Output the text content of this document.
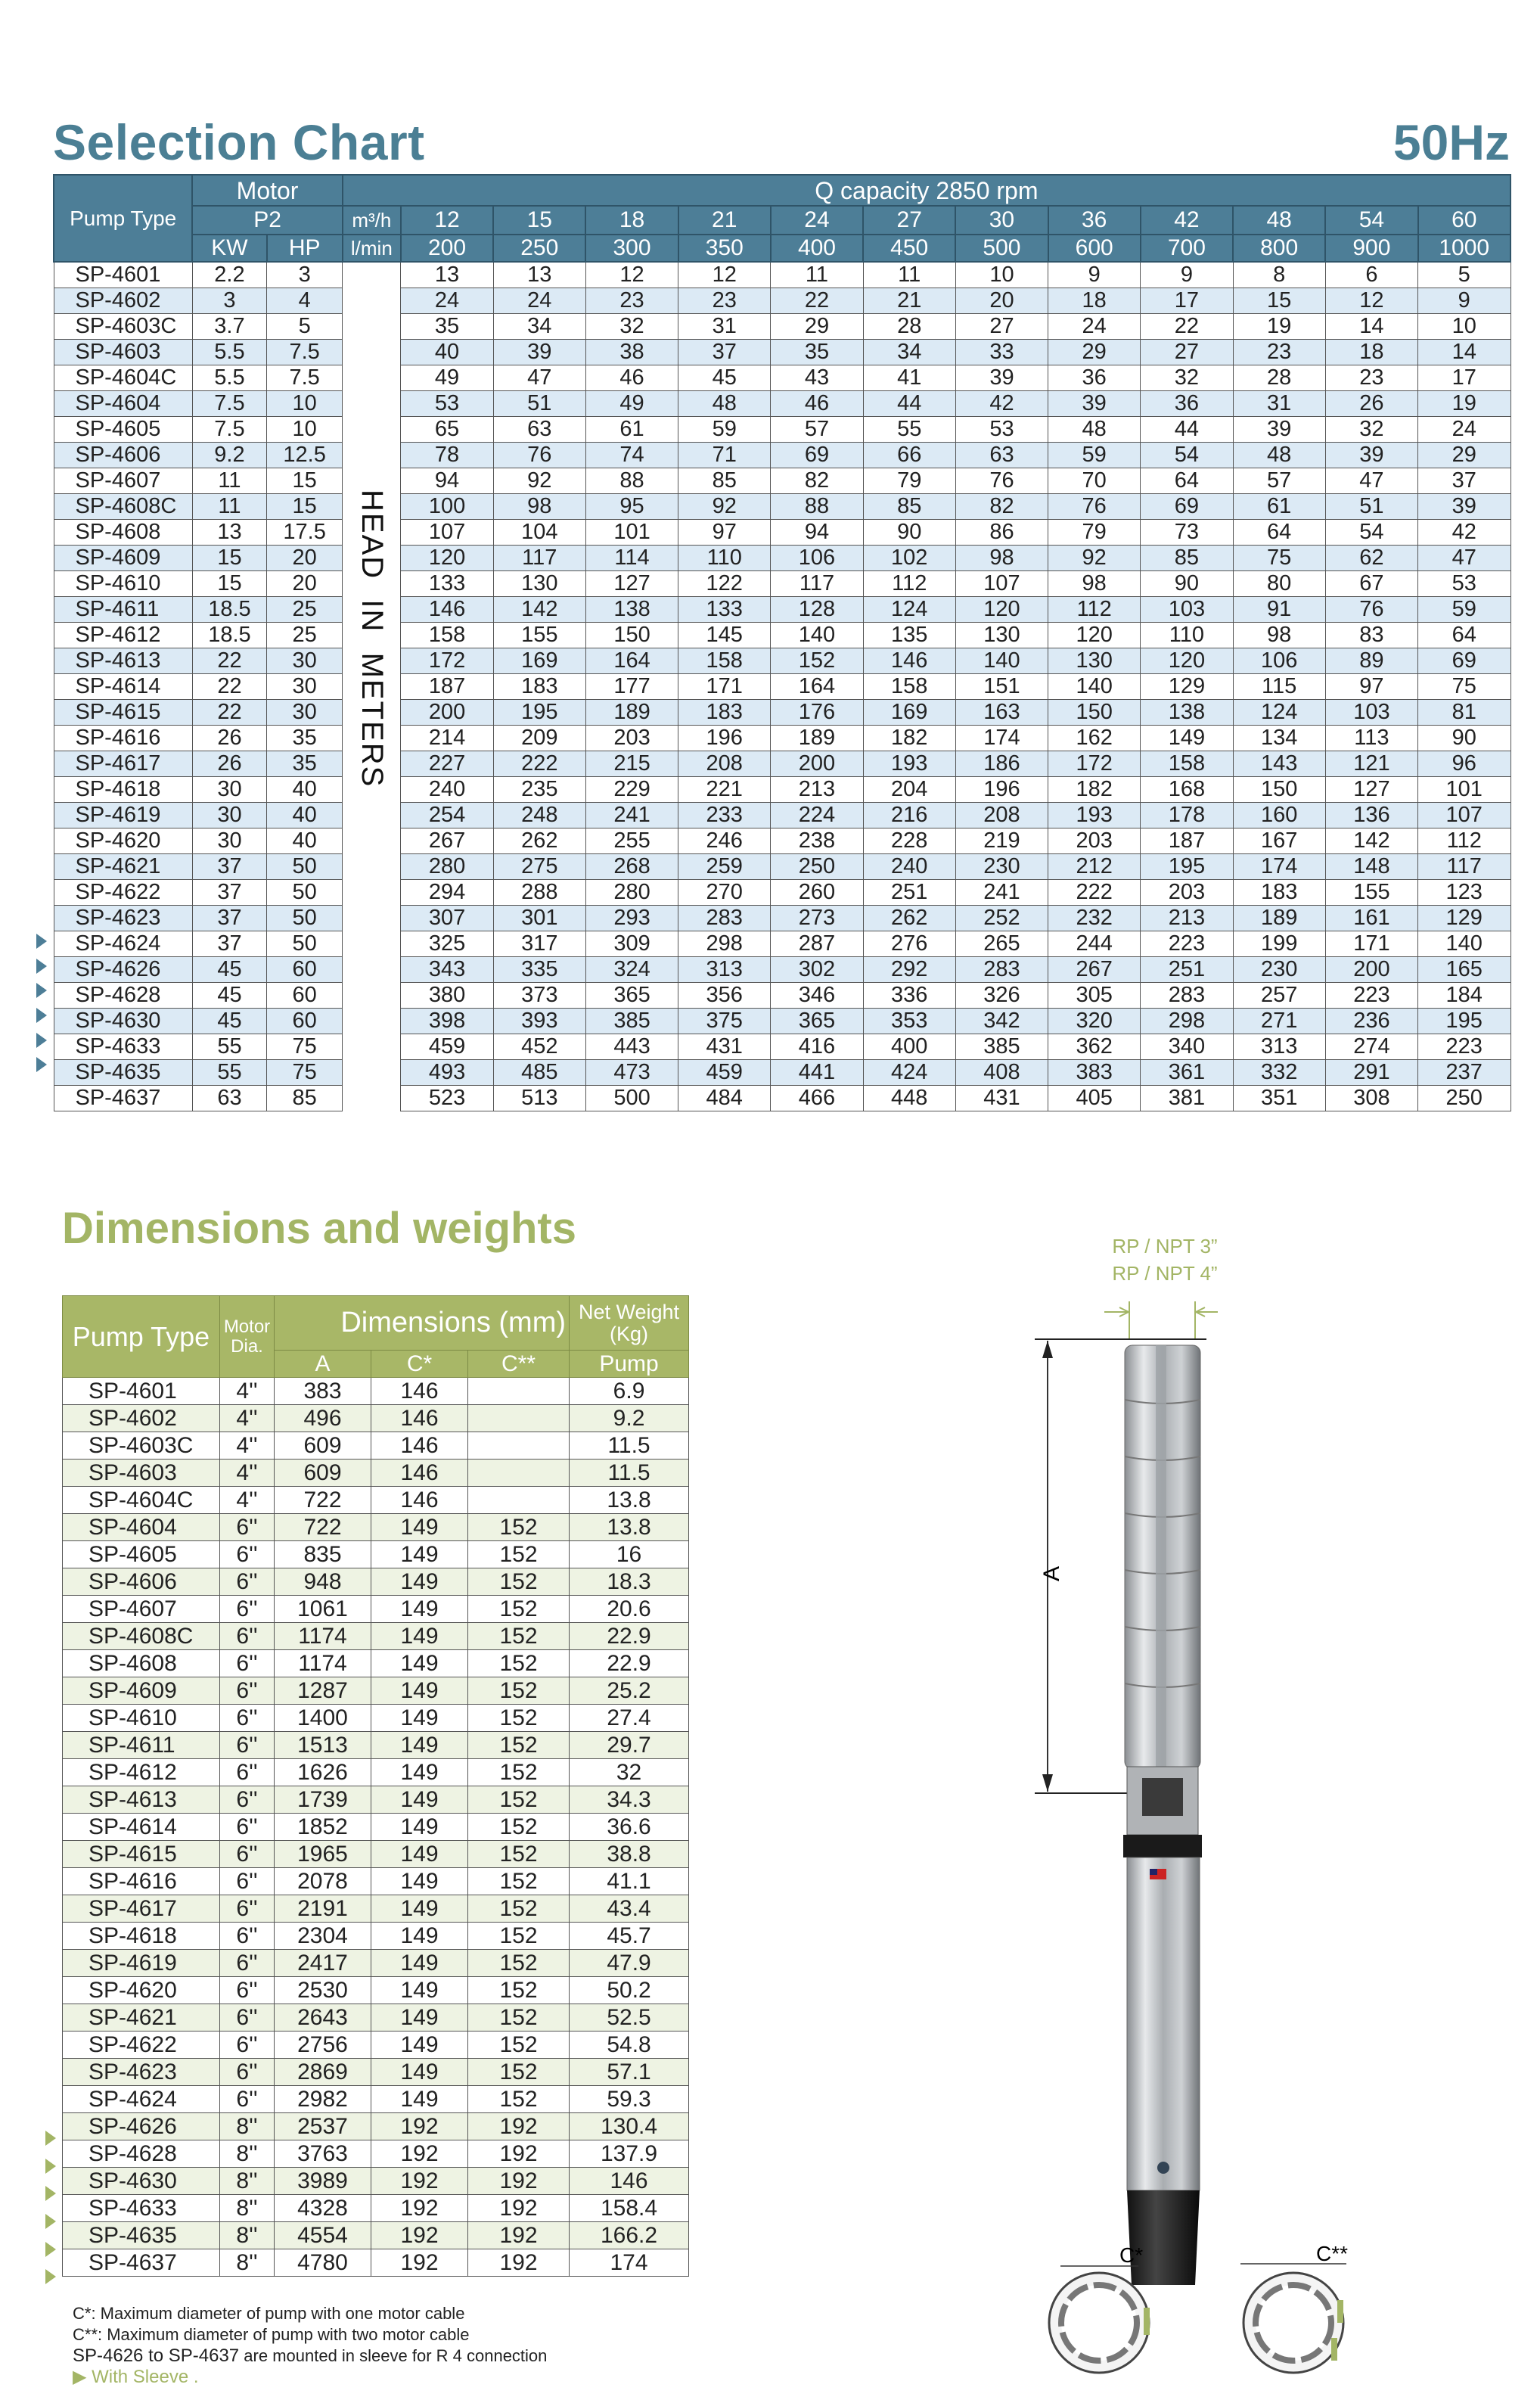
Selection Chart	50Hz
Pump Type	Motor		Q capacity 2850 rpm												
	P2		m³/h	12	15	18	21	24	27	30	36	42	48	54	60
	KW	HP	l/min	200	250	300	350	400	450	500	600	700	800	900	1000
SP-4601	2.2	3	HEAD  IN  METERS	13	13	12	12	11	11	10	9	9	8	6	5
SP-4602	3	4		24	24	23	23	22	21	20	18	17	15	12	9
SP-4603C	3.7	5		35	34	32	31	29	28	27	24	22	19	14	10
SP-4603	5.5	7.5		40	39	38	37	35	34	33	29	27	23	18	14
SP-4604C	5.5	7.5		49	47	46	45	43	41	39	36	32	28	23	17
SP-4604	7.5	10		53	51	49	48	46	44	42	39	36	31	26	19
SP-4605	7.5	10		65	63	61	59	57	55	53	48	44	39	32	24
SP-4606	9.2	12.5		78	76	74	71	69	66	63	59	54	48	39	29
SP-4607	11	15		94	92	88	85	82	79	76	70	64	57	47	37
SP-4608C	11	15		100	98	95	92	88	85	82	76	69	61	51	39
SP-4608	13	17.5		107	104	101	97	94	90	86	79	73	64	54	42
SP-4609	15	20		120	117	114	110	106	102	98	92	85	75	62	47
SP-4610	15	20		133	130	127	122	117	112	107	98	90	80	67	53
SP-4611	18.5	25		146	142	138	133	128	124	120	112	103	91	76	59
SP-4612	18.5	25		158	155	150	145	140	135	130	120	110	98	83	64
SP-4613	22	30		172	169	164	158	152	146	140	130	120	106	89	69
SP-4614	22	30		187	183	177	171	164	158	151	140	129	115	97	75
SP-4615	22	30		200	195	189	183	176	169	163	150	138	124	103	81
SP-4616	26	35		214	209	203	196	189	182	174	162	149	134	113	90
SP-4617	26	35		227	222	215	208	200	193	186	172	158	143	121	96
SP-4618	30	40		240	235	229	221	213	204	196	182	168	150	127	101
SP-4619	30	40		254	248	241	233	224	216	208	193	178	160	136	107
SP-4620	30	40		267	262	255	246	238	228	219	203	187	167	142	112
SP-4621	37	50		280	275	268	259	250	240	230	212	195	174	148	117
SP-4622	37	50		294	288	280	270	260	251	241	222	203	183	155	123
SP-4623	37	50		307	301	293	283	273	262	252	232	213	189	161	129
SP-4624	37	50		325	317	309	298	287	276	265	244	223	199	171	140
SP-4626	45	60		343	335	324	313	302	292	283	267	251	230	200	165
SP-4628	45	60		380	373	365	356	346	336	326	305	283	257	223	184
SP-4630	45	60		398	393	385	375	365	353	342	320	298	271	236	195
SP-4633	55	75		459	452	443	431	416	400	385	362	340	313	274	223
SP-4635	55	75		493	485	473	459	441	424	408	383	361	332	291	237
SP-4637	63	85		523	513	500	484	466	448	431	405	381	351	308	250
Dimensions and weights
Pump Type	Motor Dia.	Dimensions (mm)			Net Weight (Kg)
		A	C*	C**	Pump
SP-4601	4''	383	146		6.9
SP-4602	4''	496	146		9.2
SP-4603C	4''	609	146		11.5
SP-4603	4''	609	146		11.5
SP-4604C	4''	722	146		13.8
SP-4604	6''	722	149	152	13.8
SP-4605	6''	835	149	152	16
SP-4606	6''	948	149	152	18.3
SP-4607	6''	1061	149	152	20.6
SP-4608C	6''	1174	149	152	22.9
SP-4608	6''	1174	149	152	22.9
SP-4609	6''	1287	149	152	25.2
SP-4610	6''	1400	149	152	27.4
SP-4611	6''	1513	149	152	29.7
SP-4612	6''	1626	149	152	32
SP-4613	6''	1739	149	152	34.3
SP-4614	6''	1852	149	152	36.6
SP-4615	6''	1965	149	152	38.8
SP-4616	6''	2078	149	152	41.1
SP-4617	6''	2191	149	152	43.4
SP-4618	6''	2304	149	152	45.7
SP-4619	6''	2417	149	152	47.9
SP-4620	6''	2530	149	152	50.2
SP-4621	6''	2643	149	152	52.5
SP-4622	6''	2756	149	152	54.8
SP-4623	6''	2869	149	152	57.1
SP-4624	6''	2982	149	152	59.3
SP-4626	8''	2537	192	192	130.4
SP-4628	8''	3763	192	192	137.9
SP-4630	8''	3989	192	192	146
SP-4633	8''	4328	192	192	158.4
SP-4635	8''	4554	192	192	166.2
SP-4637	8''	4780	192	192	174
C*: Maximum diameter of pump with one motor cable
C**: Maximum diameter of pump with two motor cable
SP-4626 to SP-4637 are mounted in sleeve for R 4 connection
▶ With Sleeve .
RP / NPT 3”
RP / NPT 4”
A
C*	C**
